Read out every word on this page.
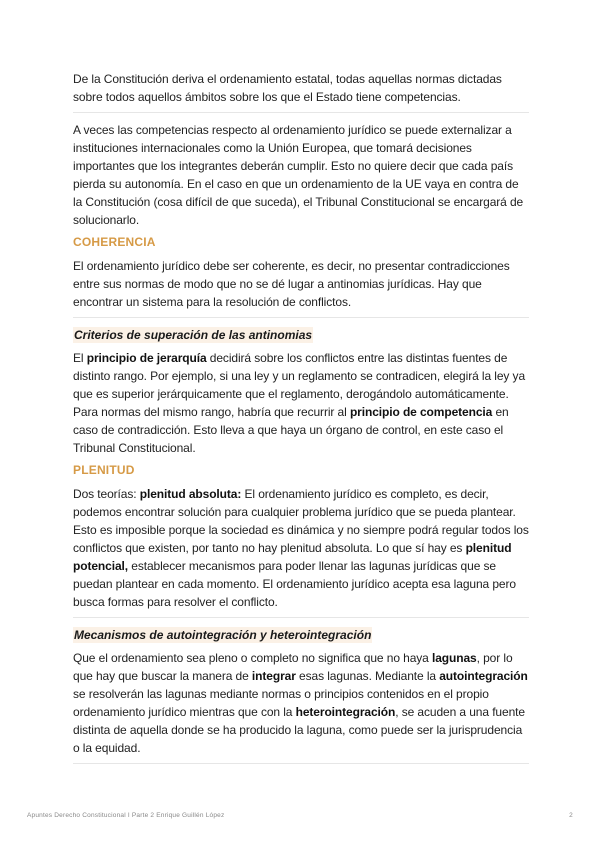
De la Constitución deriva el ordenamiento estatal, todas aquellas normas dictadas sobre todos aquellos ámbitos sobre los que el Estado tiene competencias.

A veces las competencias respecto al ordenamiento jurídico se puede externalizar a instituciones internacionales como la Unión Europea, que tomará decisiones importantes que los integrantes deberán cumplir. Esto no quiere decir que cada país pierda su autonomía. En el caso en que un ordenamiento de la UE vaya en contra de la Constitución (cosa difícil de que suceda), el Tribunal Constitucional se encargará de solucionarlo.

COHERENCIA

El ordenamiento jurídico debe ser coherente, es decir, no presentar contradicciones entre sus normas de modo que no se dé lugar a antinomias jurídicas. Hay que encontrar un sistema para la resolución de conflictos.

Criterios de superación de las antinomias

El principio de jerarquía decidirá sobre los conflictos entre las distintas fuentes de distinto rango. Por ejemplo, si una ley y un reglamento se contradicen, elegirá la ley ya que es superior jerárquicamente que el reglamento, derogándolo automáticamente. Para normas del mismo rango, habría que recurrir al principio de competencia en caso de contradicción. Esto lleva a que haya un órgano de control, en este caso el Tribunal Constitucional.

PLENITUD

Dos teorías: plenitud absoluta: El ordenamiento jurídico es completo, es decir, podemos encontrar solución para cualquier problema jurídico que se pueda plantear. Esto es imposible porque la sociedad es dinámica y no siempre podrá regular todos los conflictos que existen, por tanto no hay plenitud absoluta. Lo que sí hay es plenitud potencial, establecer mecanismos para poder llenar las lagunas jurídicas que se puedan plantear en cada momento. El ordenamiento jurídico acepta esa laguna pero busca formas para resolver el conflicto.

Mecanismos de autointegración y heterointegración

Que el ordenamiento sea pleno o completo no significa que no haya lagunas, por lo que hay que buscar la manera de integrar esas lagunas. Mediante la autointegración se resolverán las lagunas mediante normas o principios contenidos en el propio ordenamiento jurídico mientras que con la heterointegración, se acuden a una fuente distinta de aquella donde se ha producido la laguna, como puede ser la jurisprudencia o la equidad.

Apuntes Derecho Constitucional I Parte 2 Enrique Guillén López	2
